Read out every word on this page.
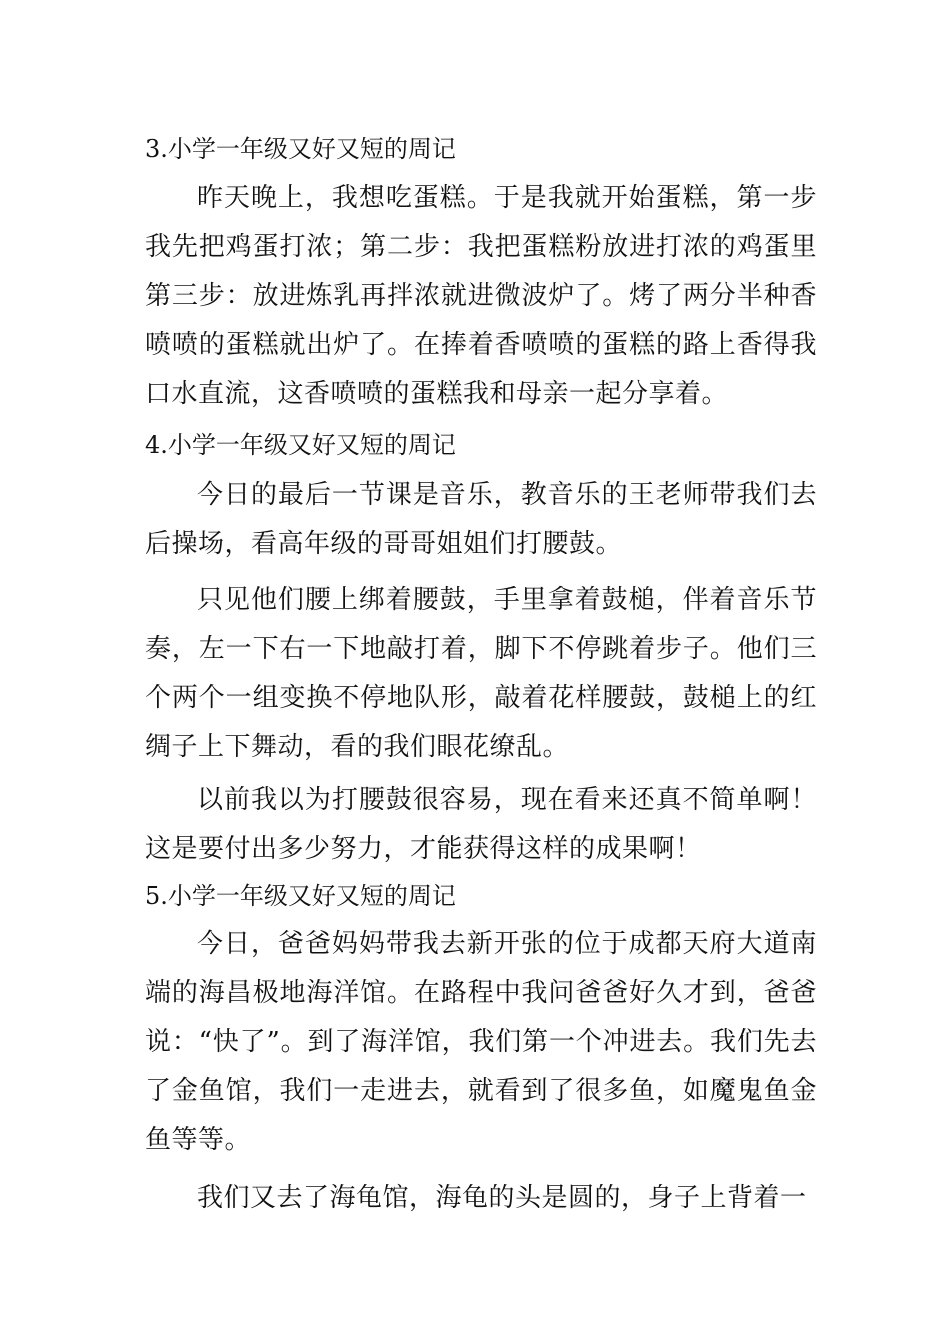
3.小学一年级又好又短的周记
昨天晚上，我想吃蛋糕。于是我就开始蛋糕，第一步我先把鸡蛋打浓；第二步：我把蛋糕粉放进打浓的鸡蛋里第三步：放进炼乳再拌浓就进微波炉了。烤了两分半种香喷喷的蛋糕就出炉了。在捧着香喷喷的蛋糕的路上香得我口水直流，这香喷喷的蛋糕我和母亲一起分享着。
4.小学一年级又好又短的周记
今日的最后一节课是音乐，教音乐的王老师带我们去后操场，看高年级的哥哥姐姐们打腰鼓。
只见他们腰上绑着腰鼓，手里拿着鼓槌，伴着音乐节奏，左一下右一下地敲打着，脚下不停跳着步子。他们三个两个一组变换不停地队形，敲着花样腰鼓，鼓槌上的红绸子上下舞动，看的我们眼花缭乱。
以前我以为打腰鼓很容易，现在看来还真不简单啊！这是要付出多少努力，才能获得这样的成果啊！
5.小学一年级又好又短的周记
今日，爸爸妈妈带我去新开张的位于成都天府大道南端的海昌极地海洋馆。在路程中我问爸爸好久才到，爸爸说：“快了”。到了海洋馆，我们第一个冲进去。我们先去了金鱼馆，我们一走进去，就看到了很多鱼，如魔鬼鱼金鱼等等。
我们又去了海龟馆，海龟的头是圆的，身子上背着一
